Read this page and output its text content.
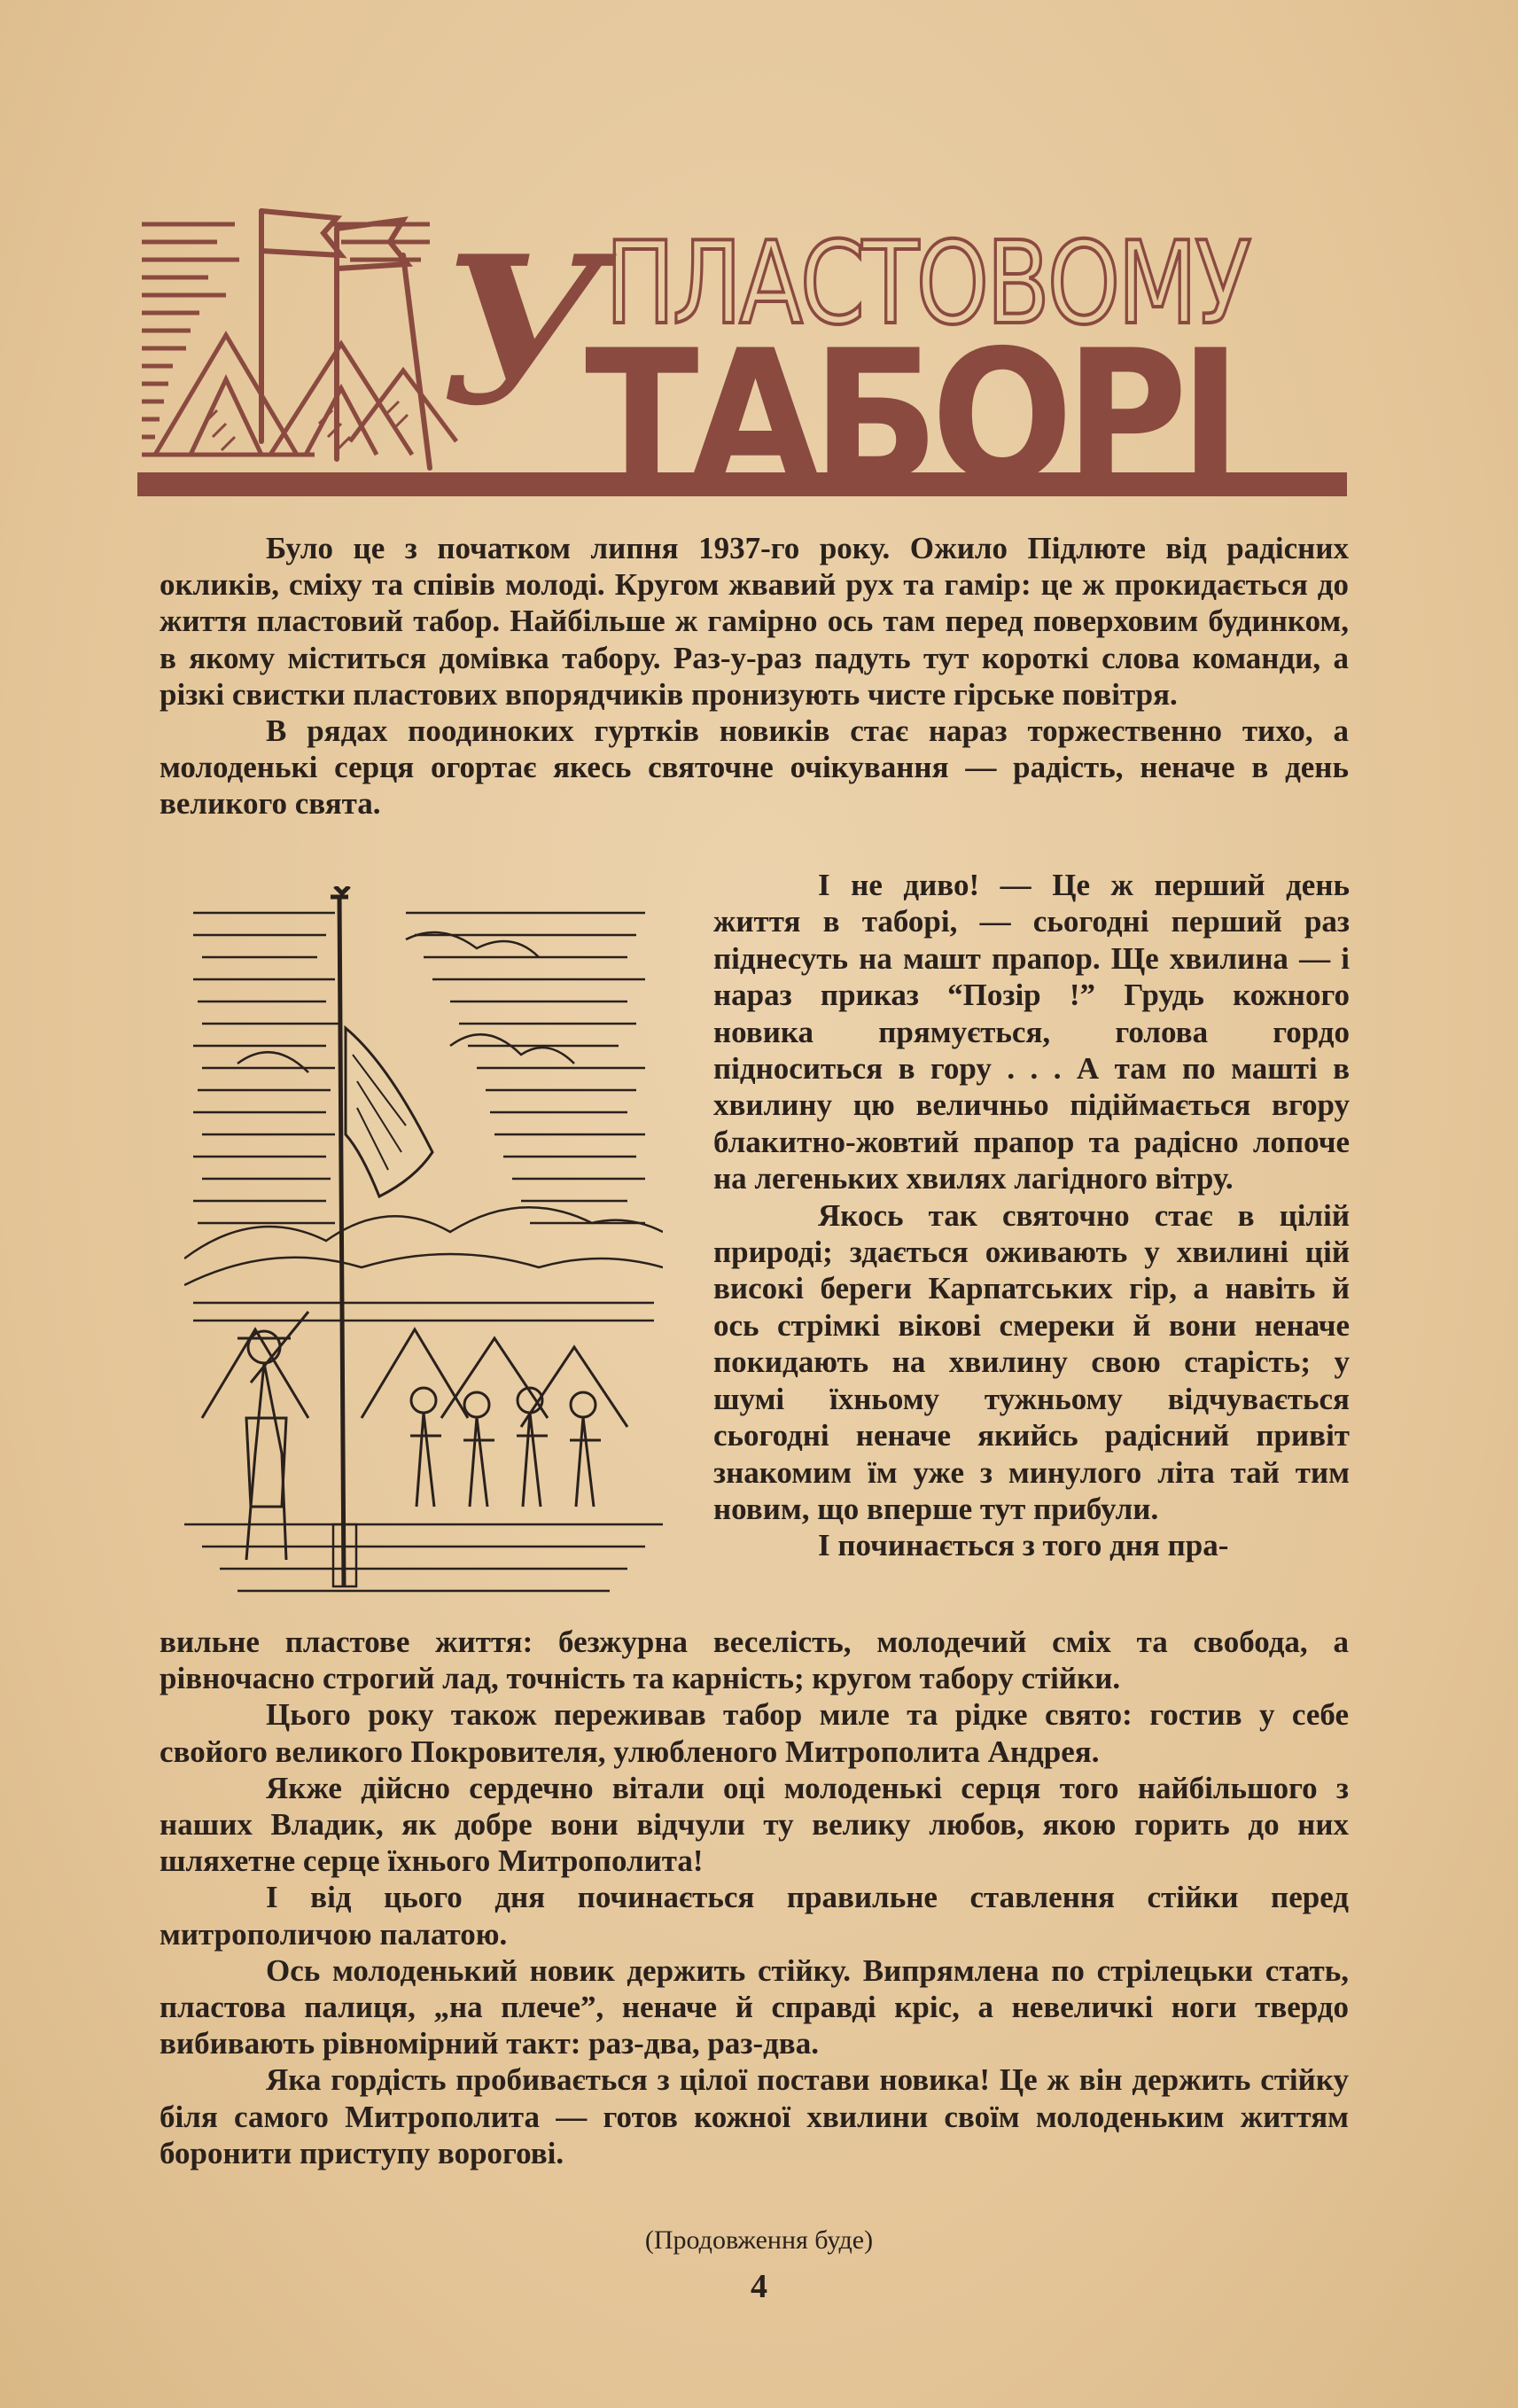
У ПЛАСТОВОМУ

ТАБОРІ

Було це з початком липня 1937-го року. Ожило Підлюте від радісних окликів, сміху та співів молоді. Кругом жвавий рух та гамір: це ж прокидається до життя пластовий табор. Найбільше ж гамірно ось там перед поверховим будинком, в якому міститься домівка табору. Раз-у-раз падуть тут короткі слова команди, а різкі свистки пластових впорядчиків пронизують чисте гірське повітря.

В рядах поодиноких гуртків новиків стає нараз торжественно тихо, а молоденькі серця огортає якесь святочне очікування — радість, неначе в день великого свята.

І не диво! — Це ж перший день життя в таборі, — сьогодні перший раз піднесуть на машт прапор. Ще хвилина — і нараз приказ “Позір !” Грудь кожного новика прямується, голова гордо підноситься в гору . . . А там по машті в хвилину цю величньо підіймається вгору блакитно-жовтий прапор та радісно лопоче на легеньких хвилях лагідного вітру.

Якось так святочно стає в цілій природі; здається оживають у хвилині цій високі береги Карпатських гір, а навіть й ось стрімкі вікові смереки й вони неначе покидають на хвилину свою старість; у шумі їхньому тужньому відчувається сьогодні неначе якийсь радісний привіт знакомим їм уже з минулого літа тай тим новим, що вперше тут прибули.

І починається з того дня пра-

вильне пластове життя: безжурна веселість, молодечий сміх та свобода, а рівночасно строгий лад, точність та карність; кругом табору стійки.

Цього року також переживав табор миле та рідке свято: гостив у себе свойого великого Покровителя, улюбленого Митрополита Андрея.

Якже дійсно сердечно вітали оці молоденькі серця того найбільшого з наших Владик, як добре вони відчули ту велику любов, якою горить до них шляхетне серце їхнього Митрополита!

І від цього дня починається правильне ставлення стійки перед митрополичою палатою.

Ось молоденький новик держить стійку. Випрямлена по стрілецьки стать, пластова палиця, „на плече”, неначе й справді кріс, а невеличкі ноги твердо вибивають рівномірний такт: раз-два, раз-два.

Яка гордість пробивається з цілої постави новика! Це ж він держить стійку біля самого Митрополита — готов кожної хвилини своїм молоденьким життям боронити приступу ворогові.

(Продовження буде)

4
